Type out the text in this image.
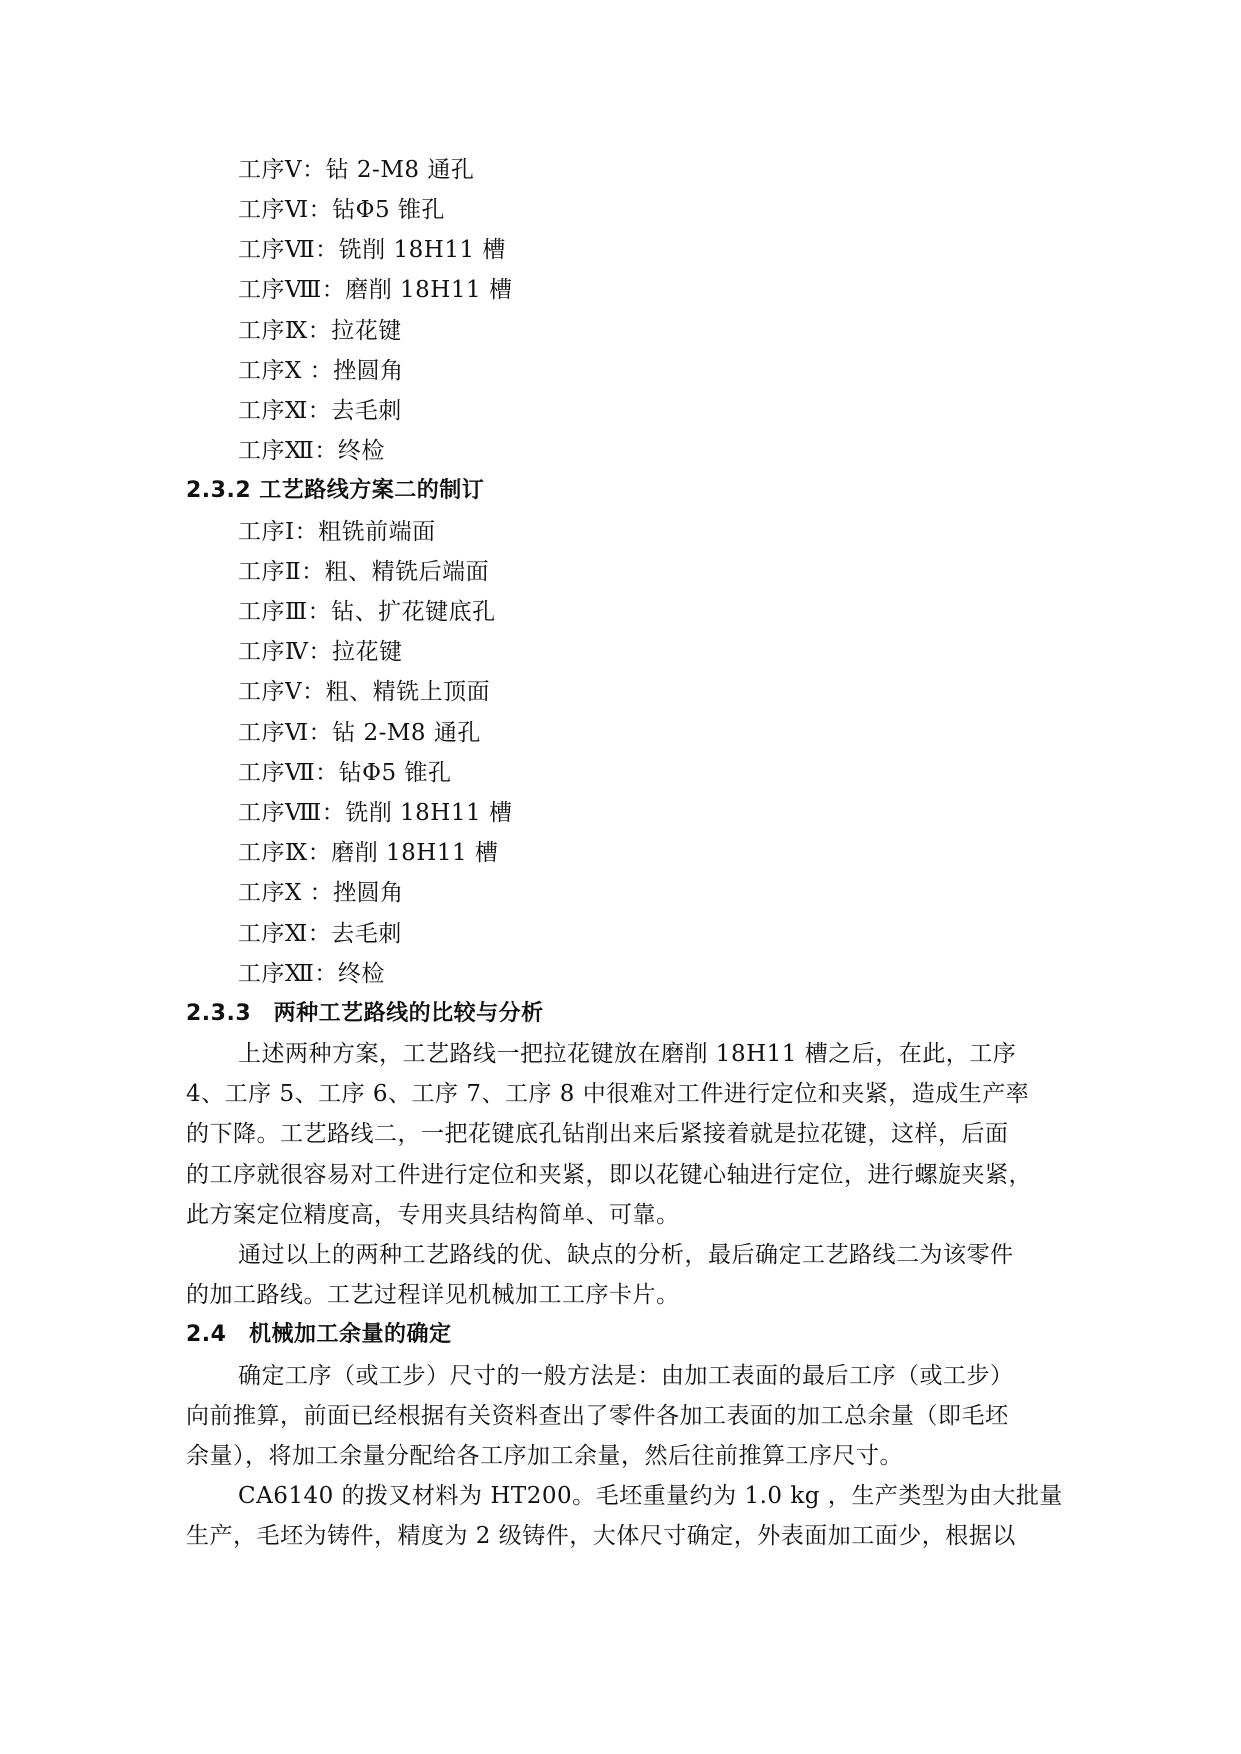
工序Ⅴ：钻 2-M8 通孔
工序Ⅵ：钻Φ5 锥孔
工序Ⅶ：铣削 18H11 槽
工序Ⅷ：磨削 18H11 槽
工序Ⅸ：拉花键
工序Ⅹ ：挫圆角
工序Ⅺ：去毛刺
工序Ⅻ：终检
2.3.2 工艺路线方案二的制订
工序Ⅰ：粗铣前端面
工序Ⅱ：粗、精铣后端面
工序Ⅲ：钻、扩花键底孔
工序Ⅳ：拉花键
工序Ⅴ：粗、精铣上顶面
工序Ⅵ：钻 2-M8 通孔
工序Ⅶ：钻Φ5 锥孔
工序Ⅷ：铣削 18H11 槽
工序Ⅸ：磨削 18H11 槽
工序Ⅹ ：挫圆角
工序Ⅺ：去毛刺
工序Ⅻ：终检
2.3.3　两种工艺路线的比较与分析
上述两种方案，工艺路线一把拉花键放在磨削 18H11 槽之后，在此，工序
4、工序 5、工序 6、工序 7、工序 8 中很难对工件进行定位和夹紧，造成生产率
的下降。工艺路线二，一把花键底孔钻削出来后紧接着就是拉花键，这样，后面
的工序就很容易对工件进行定位和夹紧，即以花键心轴进行定位，进行螺旋夹紧，
此方案定位精度高，专用夹具结构简单、可靠。
通过以上的两种工艺路线的优、缺点的分析，最后确定工艺路线二为该零件
的加工路线。工艺过程详见机械加工工序卡片。
2.4　机械加工余量的确定
确定工序（或工步）尺寸的一般方法是：由加工表面的最后工序（或工步）
向前推算，前面已经根据有关资料查出了零件各加工表面的加工总余量（即毛坯
余量），将加工余量分配给各工序加工余量，然后往前推算工序尺寸。
CA6140 的拨叉材料为 HT200。毛坯重量约为 1.0 kg ，生产类型为由大批量
生产，毛坯为铸件，精度为 2 级铸件，大体尺寸确定，外表面加工面少，根据以
